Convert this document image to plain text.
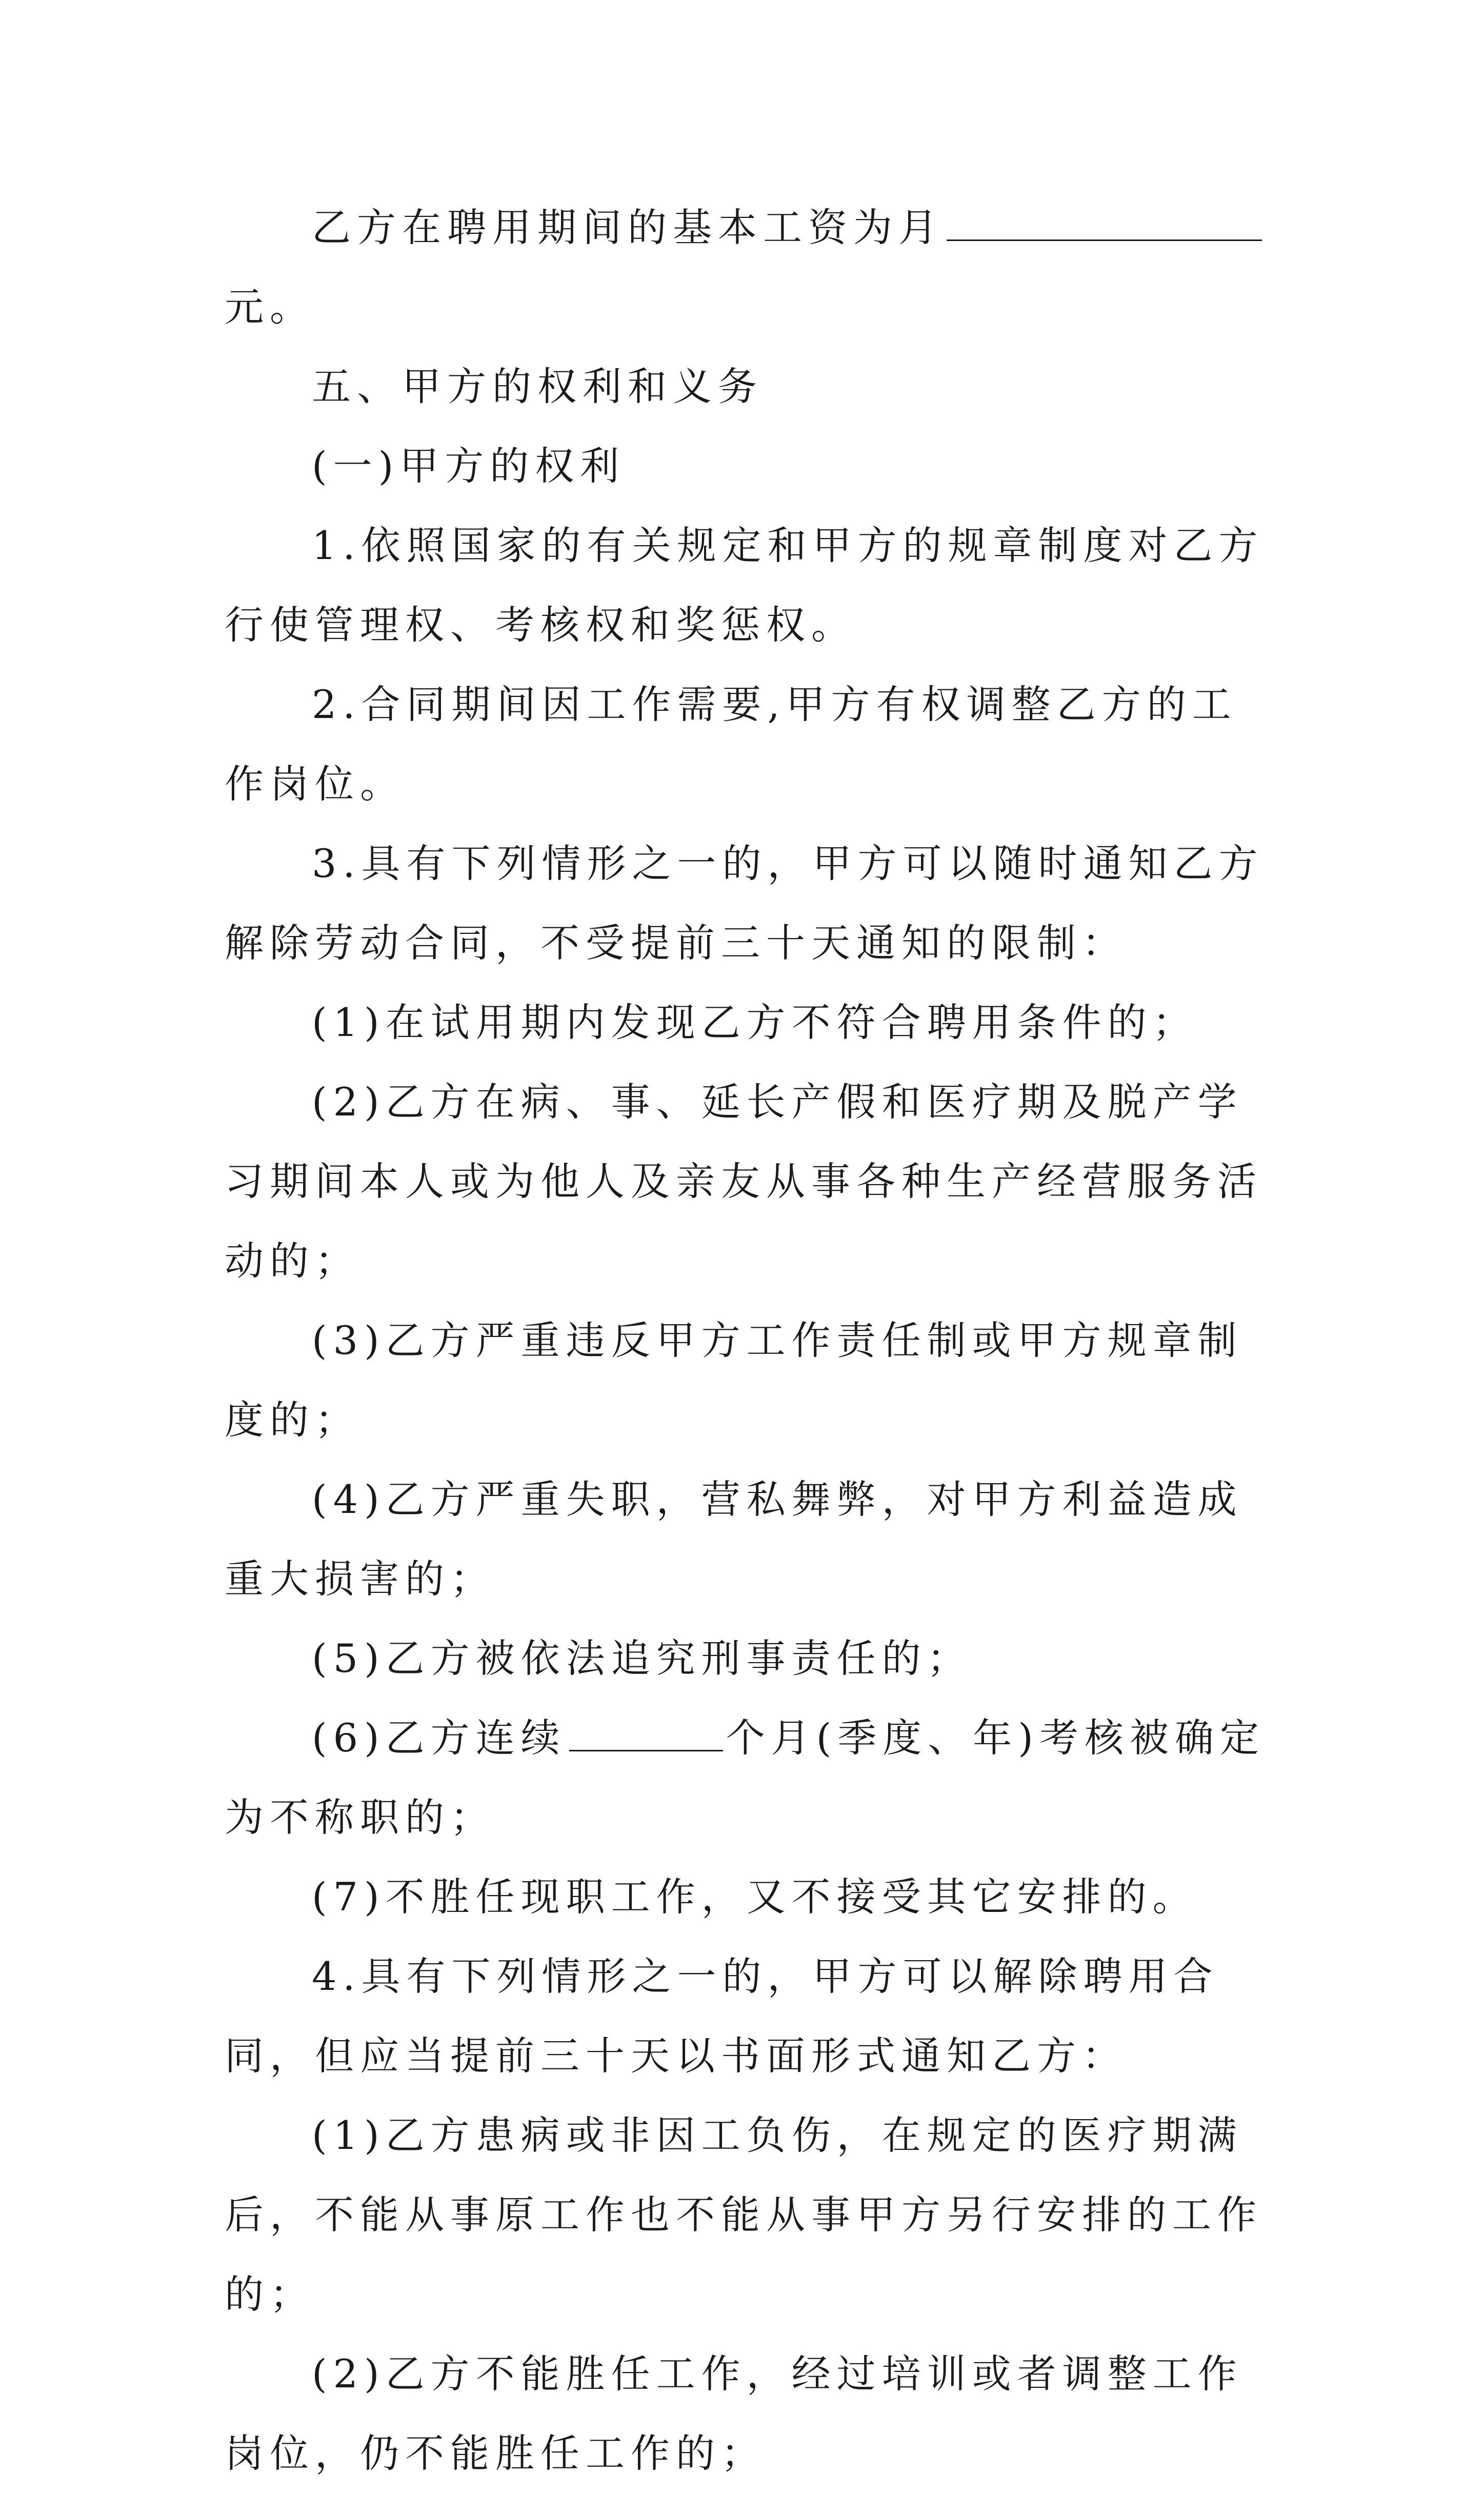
乙方在聘用期间的基本工资为月元。

五、甲方的权利和义务

(一)甲方的权利

1.依照国家的有关规定和甲方的规章制度对乙方行使管理权、考核权和奖惩权。

2.合同期间因工作需要,甲方有权调整乙方的工作岗位。

3.具有下列情形之一的，甲方可以随时通知乙方解除劳动合同，不受提前三十天通知的限制：

(1)在试用期内发现乙方不符合聘用条件的；

(2)乙方在病、事、延长产假和医疗期及脱产学习期间本人或为他人及亲友从事各种生产经营服务活动的；

(3)乙方严重违反甲方工作责任制或甲方规章制度的；

(4)乙方严重失职，营私舞弊，对甲方利益造成重大损害的；

(5)乙方被依法追究刑事责任的；

(6)乙方连续	个月(季度、年)考核被确定为不称职的；

(7)不胜任现职工作，又不接受其它安排的。

4.具有下列情形之一的，甲方可以解除聘用合同，但应当提前三十天以书面形式通知乙方：

(1)乙方患病或非因工负伤，在规定的医疗期满后，不能从事原工作也不能从事甲方另行安排的工作的；

(2)乙方不能胜任工作，经过培训或者调整工作岗位，仍不能胜任工作的；
